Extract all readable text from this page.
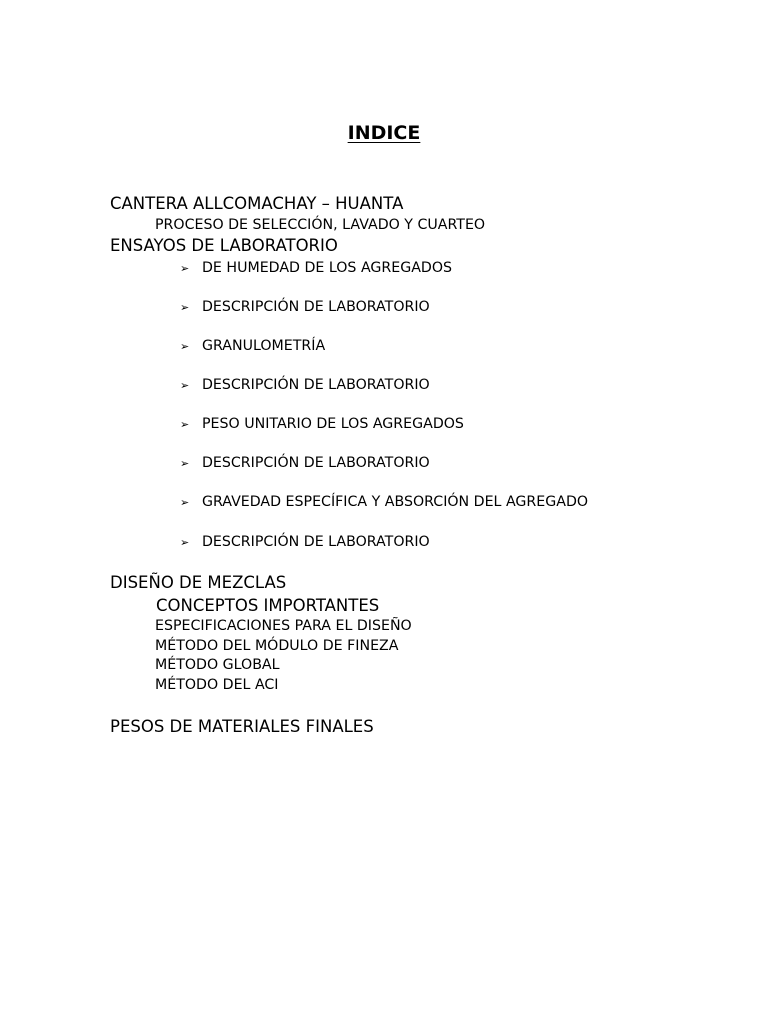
INDICE
CANTERA ALLCOMACHAY – HUANTA
PROCESO DE SELECCIÓN, LAVADO Y CUARTEO
ENSAYOS DE LABORATORIO
➢ DE HUMEDAD DE LOS AGREGADOS
➢ DESCRIPCIÓN DE LABORATORIO
➢ GRANULOMETRÍA
➢ DESCRIPCIÓN DE LABORATORIO
➢ PESO UNITARIO DE LOS AGREGADOS
➢ DESCRIPCIÓN DE LABORATORIO
➢ GRAVEDAD ESPECÍFICA Y ABSORCIÓN DEL AGREGADO
➢ DESCRIPCIÓN DE LABORATORIO
DISEÑO DE MEZCLAS
CONCEPTOS IMPORTANTES
ESPECIFICACIONES PARA EL DISEÑO
MÉTODO DEL MÓDULO DE FINEZA
MÉTODO GLOBAL
MÉTODO DEL ACI
PESOS DE MATERIALES FINALES
